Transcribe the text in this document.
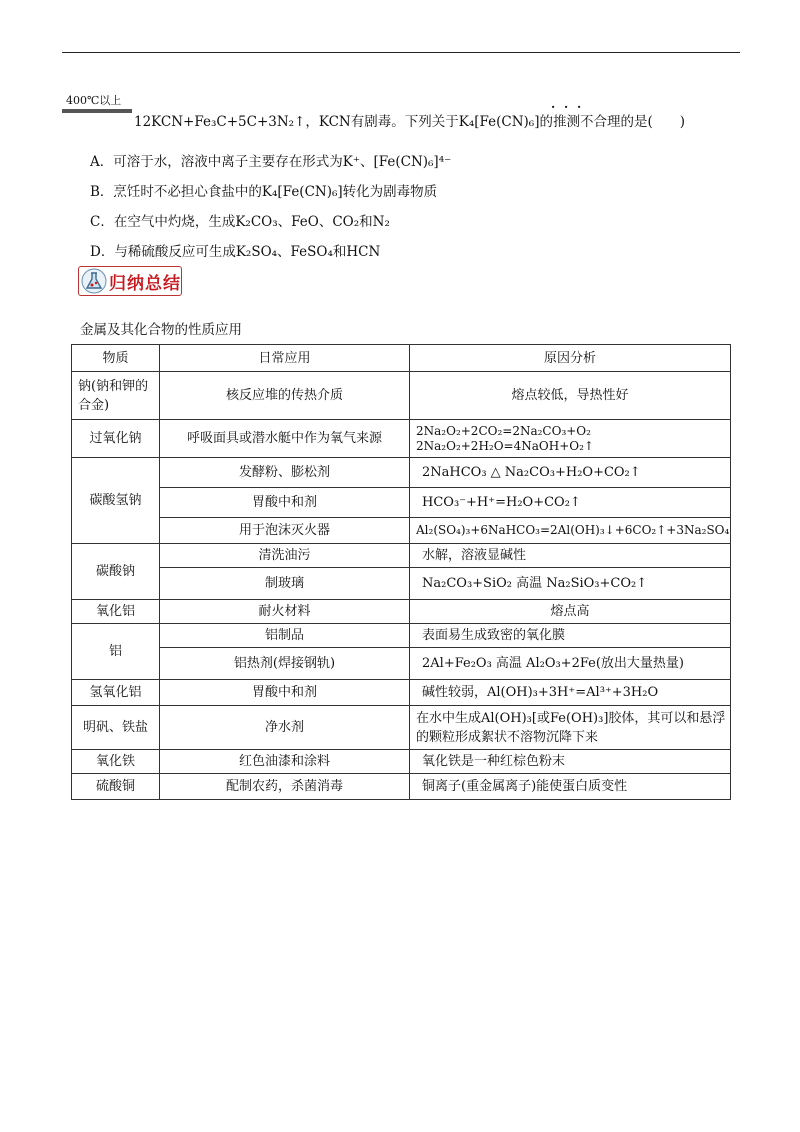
400℃以上
12KCN+Fe₃C+5C+3N₂↑，KCN有剧毒。下列关于K₄[Fe(CN)₆]的推测不合理的是(　　)
· · ·
A．可溶于水，溶液中离子主要存在形式为K⁺、[Fe(CN)₆]⁴⁻
B．烹饪时不必担心食盐中的K₄[Fe(CN)₆]转化为剧毒物质
C．在空气中灼烧，生成K₂CO₃、FeO、CO₂和N₂
D．与稀硫酸反应可生成K₂SO₄、FeSO₄和HCN
归纳总结
金属及其化合物的性质应用
物质	日常应用	原因分析
钠(钠和钾的合金)	核反应堆的传热介质	熔点较低，导热性好
过氧化钠	呼吸面具或潜水艇中作为氧气来源	2Na₂O₂+2CO₂=2Na₂CO₃+O₂
2Na₂O₂+2H₂O=4NaOH+O₂↑
碳酸氢钠	发酵粉、膨松剂	2NaHCO₃ △ Na₂CO₃+H₂O+CO₂↑
	胃酸中和剂	HCO₃⁻+H⁺=H₂O+CO₂↑
	用于泡沫灭火器	Al₂(SO₄)₃+6NaHCO₃=2Al(OH)₃↓+6CO₂↑+3Na₂SO₄
碳酸钠	清洗油污	水解，溶液显碱性
	制玻璃	Na₂CO₃+SiO₂ 高温 Na₂SiO₃+CO₂↑
氧化铝	耐火材料	熔点高
铝	铝制品	表面易生成致密的氧化膜
	铝热剂(焊接钢轨)	2Al+Fe₂O₃ 高温 Al₂O₃+2Fe(放出大量热量)
氢氧化铝	胃酸中和剂	碱性较弱，Al(OH)₃+3H⁺=Al³⁺+3H₂O
明矾、铁盐	净水剂	在水中生成Al(OH)₃[或Fe(OH)₃]胶体，其可以和悬浮的颗粒形成絮状不溶物沉降下来
氧化铁	红色油漆和涂料	氧化铁是一种红棕色粉末
硫酸铜	配制农药，杀菌消毒	铜离子(重金属离子)能使蛋白质变性
